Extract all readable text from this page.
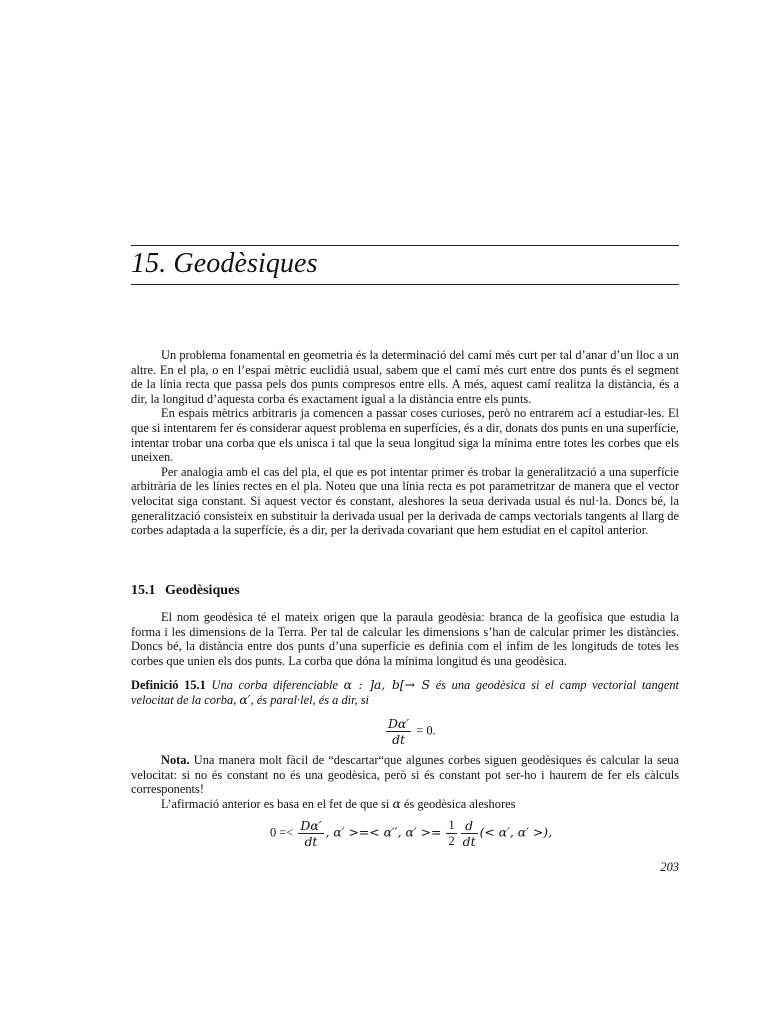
15. Geodèsiques

Un problema fonamental en geometria és la determinació del camí més curt per tal d’anar d’un lloc a un altre. En el pla, o en l’espai mètric euclidià usual, sabem que el camí més curt entre dos punts és el segment de la línia recta que passa pels dos punts compresos entre ells. A més, aquest camí realitza la distància, és a dir, la longitud d’aquesta corba és exactament igual a la distància entre els punts.

En espais mètrics arbitraris ja comencen a passar coses curioses, però no entrarem ací a estudiar-les. El que si intentarem fer és considerar aquest problema en superfícies, és a dir, donats dos punts en una superfície, intentar trobar una corba que els unisca i tal que la seua longitud siga la mínima entre totes les corbes que els uneixen.

Per analogia amb el cas del pla, el que es pot intentar primer és trobar la generalització a una superfície arbitrària de les línies rectes en el pla. Noteu que una línia recta es pot parametritzar de manera que el vector velocitat siga constant. Si aquest vector és constant, aleshores la seua derivada usual és nul·la. Doncs bé, la generalització consisteix en substituir la derivada usual per la derivada de camps vectorials tangents al llarg de corbes adaptada a la superfície, és a dir, per la derivada covariant que hem estudiat en el capítol anterior.

15.1 Geodèsiques

El nom geodèsica té el mateix origen que la paraula geodèsia: branca de la geofísica que estudia la forma i les dimensions de la Terra. Per tal de calcular les dimensions s’han de calcular primer les distàncies. Doncs bé, la distància entre dos punts d’una superfície es definia com el ínfim de les longituds de totes les corbes que unien els dos punts. La corba que dóna la mínima longitud és una geodèsica.

Definició 15.1 Una corba diferenciable α : ]a, b[→ S és una geodèsica si el camp vectorial tangent velocitat de la corba, α′, és paral·lel, és a dir, si
$\frac{D\alpha'}{dt} = 0$.

Nota. Una manera molt fàcil de “descartar“que algunes corbes siguen geodèsiques és calcular la seua velocitat: si no és constant no és una geodèsica, però si és constant pot ser-ho i haurem de fer els càlculs corresponents!

L’afirmació anterior es basa en el fet de que si α és geodèsica aleshores

$0 =< \frac{D\alpha'}{dt}$ , α′ >=< α′′, $\alpha' >= \frac{1}{2} \frac{d}{dt}$ (< α′, α′ >),
203
